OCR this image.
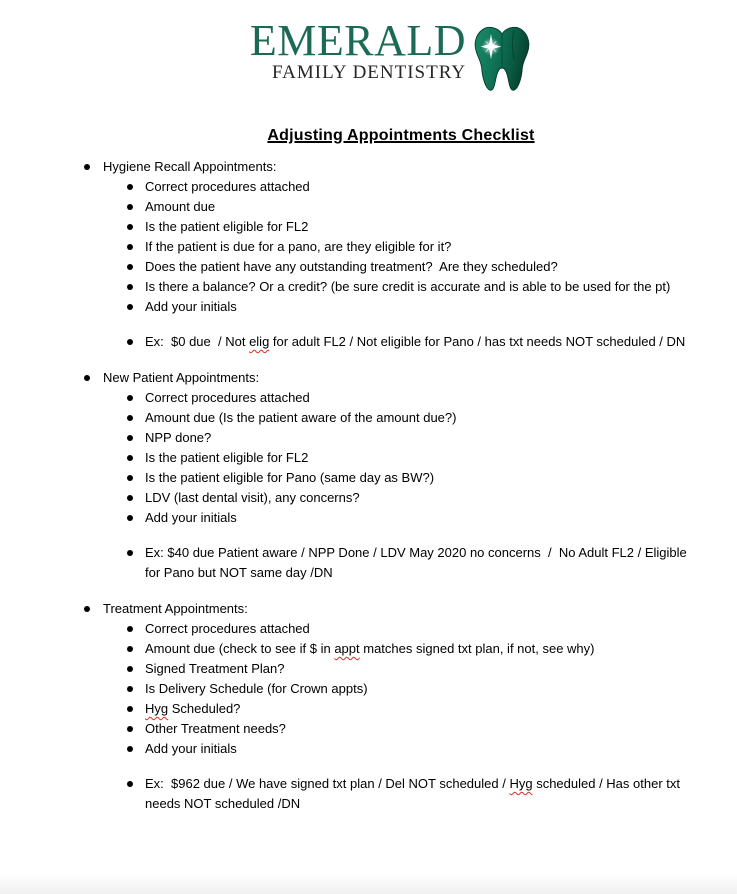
EMERALD
FAMILY DENTISTRY
Adjusting Appointments Checklist
Hygiene Recall Appointments:
Correct procedures attached
Amount due
Is the patient eligible for FL2
If the patient is due for a pano, are they eligible for it?
Does the patient have any outstanding treatment?  Are they scheduled?
Is there a balance? Or a credit? (be sure credit is accurate and is able to be used for the pt)
Add your initials
Ex:  $0 due  / Not elig for adult FL2 / Not eligible for Pano / has txt needs NOT scheduled / DN
New Patient Appointments:
Correct procedures attached
Amount due (Is the patient aware of the amount due?)
NPP done?
Is the patient eligible for FL2
Is the patient eligible for Pano (same day as BW?)
LDV (last dental visit), any concerns?
Add your initials
Ex: $40 due Patient aware / NPP Done / LDV May 2020 no concerns  /  No Adult FL2 / Eligible
for Pano but NOT same day /DN
Treatment Appointments:
Correct procedures attached
Amount due (check to see if $ in appt matches signed txt plan, if not, see why)
Signed Treatment Plan?
Is Delivery Schedule (for Crown appts)
Hyg Scheduled?
Other Treatment needs?
Add your initials
Ex:  $962 due / We have signed txt plan / Del NOT scheduled / Hyg scheduled / Has other txt
needs NOT scheduled /DN
